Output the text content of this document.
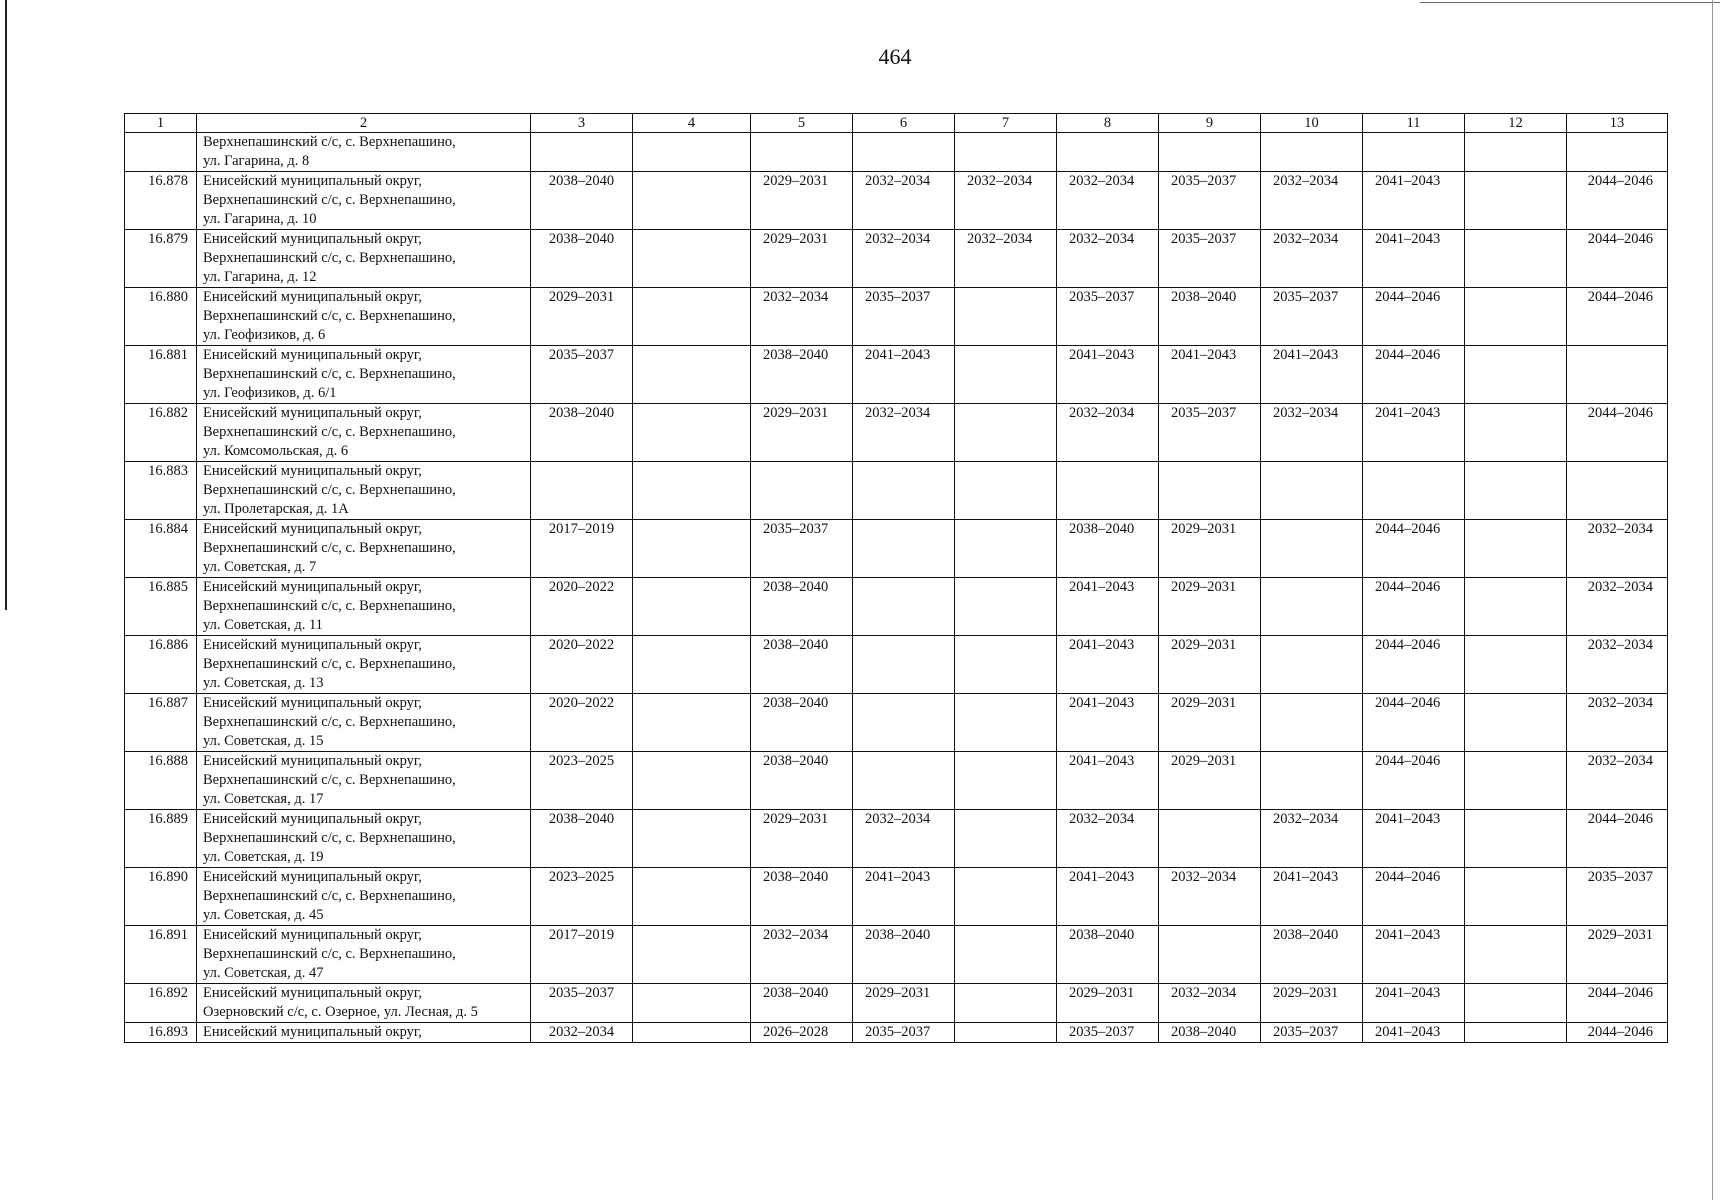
464
1	2	3	4	5	6	7	8	9	10	11	12	13

	Верхнепашинский с/с, с. Верхнепашино,
ул. Гагарина, д. 8											

16.878	Енисейский муниципальный округ,
Верхнепашинский с/с, с. Верхнепашино,
ул. Гагарина, д. 10	2038–2040		2029–2031	2032–2034	2032–2034	2032–2034	2035–2037	2032–2034	2041–2043		2044–2046
16.879	Енисейский муниципальный округ,
Верхнепашинский с/с, с. Верхнепашино,
ул. Гагарина, д. 12	2038–2040		2029–2031	2032–2034	2032–2034	2032–2034	2035–2037	2032–2034	2041–2043		2044–2046
16.880	Енисейский муниципальный округ,
Верхнепашинский с/с, с. Верхнепашино,
ул. Геофизиков, д. 6	2029–2031		2032–2034	2035–2037		2035–2037	2038–2040	2035–2037	2044–2046		2044–2046
16.881	Енисейский муниципальный округ,
Верхнепашинский с/с, с. Верхнепашино,
ул. Геофизиков, д. 6/1	2035–2037		2038–2040	2041–2043		2041–2043	2041–2043	2041–2043	2044–2046		
16.882	Енисейский муниципальный округ,
Верхнепашинский с/с, с. Верхнепашино,
ул. Комсомольская, д. 6	2038–2040		2029–2031	2032–2034		2032–2034	2035–2037	2032–2034	2041–2043		2044–2046
16.883	Енисейский муниципальный округ,
Верхнепашинский с/с, с. Верхнепашино,
ул. Пролетарская, д. 1А											

16.884	Енисейский муниципальный округ,
Верхнепашинский с/с, с. Верхнепашино,
ул. Советская, д. 7	2017–2019		2035–2037			2038–2040	2029–2031		2044–2046		2032–2034
16.885	Енисейский муниципальный округ,
Верхнепашинский с/с, с. Верхнепашино,
ул. Советская, д. 11	2020–2022		2038–2040			2041–2043	2029–2031		2044–2046		2032–2034
16.886	Енисейский муниципальный округ,
Верхнепашинский с/с, с. Верхнепашино,
ул. Советская, д. 13	2020–2022		2038–2040			2041–2043	2029–2031		2044–2046		2032–2034
16.887	Енисейский муниципальный округ,
Верхнепашинский с/с, с. Верхнепашино,
ул. Советская, д. 15	2020–2022		2038–2040			2041–2043	2029–2031		2044–2046		2032–2034
16.888	Енисейский муниципальный округ,
Верхнепашинский с/с, с. Верхнепашино,
ул. Советская, д. 17	2023–2025		2038–2040			2041–2043	2029–2031		2044–2046		2032–2034
16.889	Енисейский муниципальный округ,
Верхнепашинский с/с, с. Верхнепашино,
ул. Советская, д. 19	2038–2040		2029–2031	2032–2034		2032–2034		2032–2034	2041–2043		2044–2046
16.890	Енисейский муниципальный округ,
Верхнепашинский с/с, с. Верхнепашино,
ул. Советская, д. 45	2023–2025		2038–2040	2041–2043		2041–2043	2032–2034	2041–2043	2044–2046		2035–2037
16.891	Енисейский муниципальный округ,
Верхнепашинский с/с, с. Верхнепашино,
ул. Советская, д. 47	2017–2019		2032–2034	2038–2040		2038–2040		2038–2040	2041–2043		2029–2031
16.892	Енисейский муниципальный округ,
Озерновский с/с, с. Озерное, ул. Лесная, д. 5	2035–2037		2038–2040	2029–2031		2029–2031	2032–2034	2029–2031	2041–2043		2044–2046
16.893	Енисейский муниципальный округ,	2032–2034		2026–2028	2035–2037		2035–2037	2038–2040	2035–2037	2041–2043		2044–2046
